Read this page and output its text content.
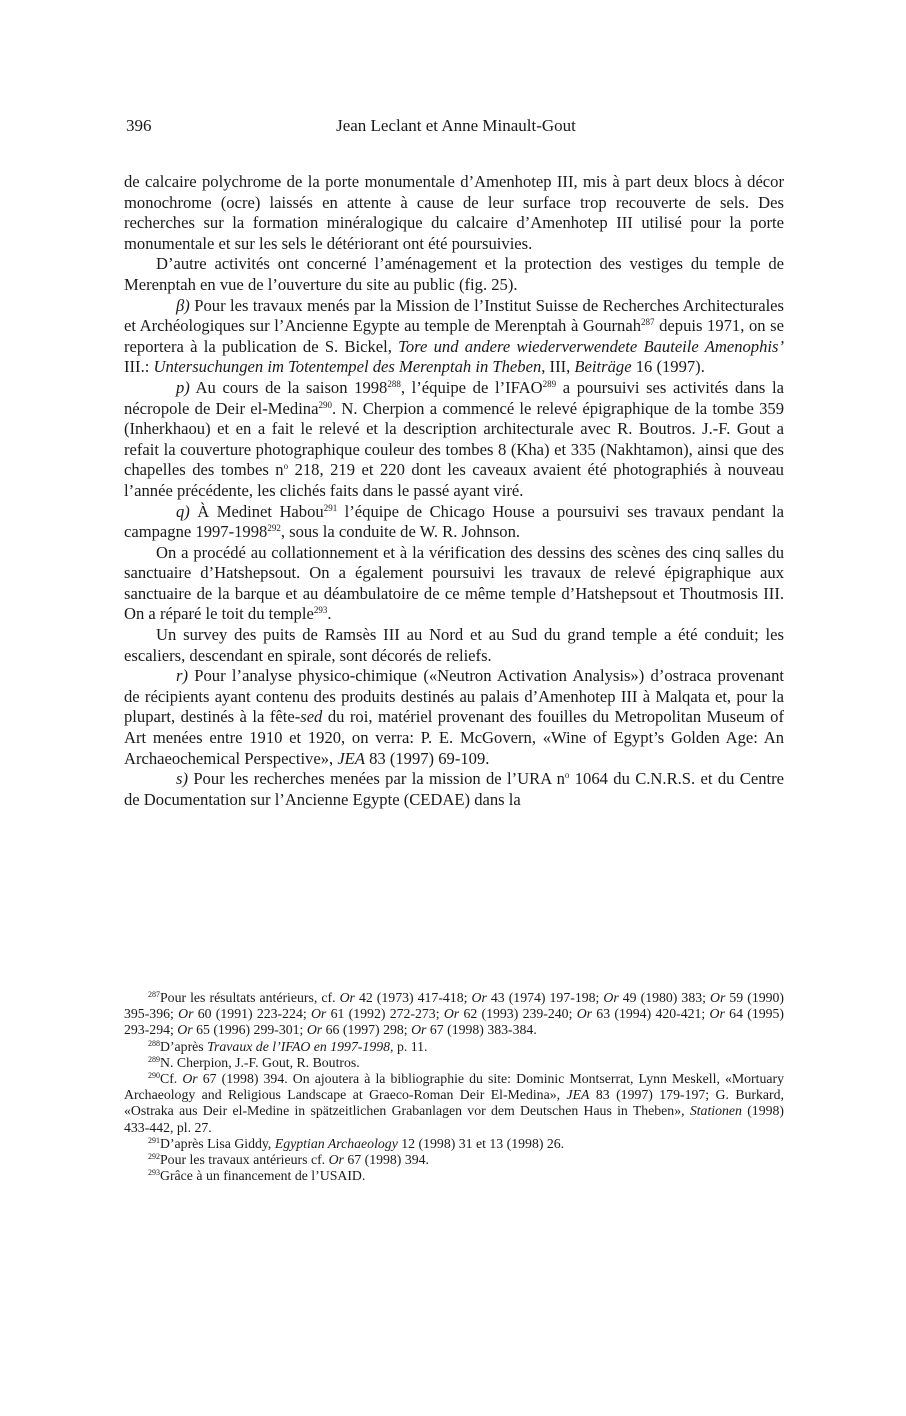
396	Jean Leclant et Anne Minault-Gout

de calcaire polychrome de la porte monumentale d’Amenhotep III, mis à part deux blocs à décor monochrome (ocre) laissés en attente à cause de leur surface trop recouverte de sels. Des recherches sur la formation minéralogique du calcaire d’Amenhotep III utilisé pour la porte monumentale et sur les sels le détériorant ont été poursuivies.

D’autre activités ont concerné l’aménagement et la protection des vestiges du temple de Merenptah en vue de l’ouverture du site au public (fig. 25).

β) Pour les travaux menés par la Mission de l’Institut Suisse de Recherches Architecturales et Archéologiques sur l’Ancienne Egypte au temple de Merenptah à Gournah$^{287}$ depuis 1971, on se reportera à la publication de S. Bickel, Tore und andere wiederverwendete Bauteile Amenophis’ III.: Untersuchungen im Totentempel des Merenptah in Theben, III, Beiträge 16 (1997).

p) Au cours de la saison 1998$^{288}$, l’équipe de l’IFAO$^{289}$ a poursuivi ses activités dans la nécropole de Deir el-Medina$^{290}$. N. Cherpion a commencé le relevé épigraphique de la tombe 359 (Inherkhaou) et en a fait le relevé et la description architecturale avec R. Boutros. J.-F. Gout a refait la couverture photographique couleur des tombes 8 (Kha) et 335 (Nakhtamon), ainsi que des chapelles des tombes $n^o$ 218, 219 et 220 dont les caveaux avaient été photographiés à nouveau l’année précédente, les clichés faits dans le passé ayant viré.

q) À Medinet Habou$^{291}$ l’équipe de Chicago House a poursuivi ses travaux pendant la campagne 1997-1998$^{292}$, sous la conduite de W. R. Johnson.

On a procédé au collationnement et à la vérification des dessins des scènes des cinq salles du sanctuaire d’Hatshepsout. On a également poursuivi les travaux de relevé épigraphique aux sanctuaire de la barque et au déambulatoire de ce même temple d’Hatshepsout et Thoutmosis III. On a réparé le toit du temple$^{293}$.

Un survey des puits de Ramsès III au Nord et au Sud du grand temple a été conduit; les escaliers, descendant en spirale, sont décorés de reliefs.

r) Pour l’analyse physico-chimique («Neutron Activation Analysis») d’ostraca provenant de récipients ayant contenu des produits destinés au palais d’Amenhotep III à Malqata et, pour la plupart, destinés à la fête-sed du roi, matériel provenant des fouilles du Metropolitan Museum of Art menées entre 1910 et 1920, on verra: P. E. McGovern, «Wine of Egypt’s Golden Age: An Archaeochemical Perspective», JEA 83 (1997) 69-109.

s) Pour les recherches menées par la mission de l’URA $n^o$ 1064 du C.N.R.S. et du Centre de Documentation sur l’Ancienne Egypte (CEDAE) dans la

$^{287}$Pour les résultats antérieurs, cf. Or 42 (1973) 417-418; Or 43 (1974) 197-198; Or 49 (1980) 383; Or 59 (1990) 395-396; Or 60 (1991) 223-224; Or 61 (1992) 272-273; Or 62 (1993) 239-240; Or 63 (1994) 420-421; Or 64 (1995) 293-294; Or 65 (1996) 299-301; Or 66 (1997) 298; Or 67 (1998) 383-384.

$^{288}$D’après Travaux de l’IFAO en 1997-1998, p. 11.

$^{289}$N. Cherpion, J.-F. Gout, R. Boutros.

$^{290}$Cf. Or 67 (1998) 394. On ajoutera à la bibliographie du site: Dominic Montserrat, Lynn Meskell, «Mortuary Archaeology and Religious Landscape at Graeco-Roman Deir El-Medina», JEA 83 (1997) 179-197; G. Burkard, «Ostraka aus Deir el-Medine in spätzeitlichen Grabanlagen vor dem Deutschen Haus in Theben», Stationen (1998) 433-442, pl. 27.

$^{291}$D’après Lisa Giddy, Egyptian Archaeology 12 (1998) 31 et 13 (1998) 26.

$^{292}$Pour les travaux antérieurs cf. Or 67 (1998) 394.

$^{293}$Grâce à un financement de l’USAID.
